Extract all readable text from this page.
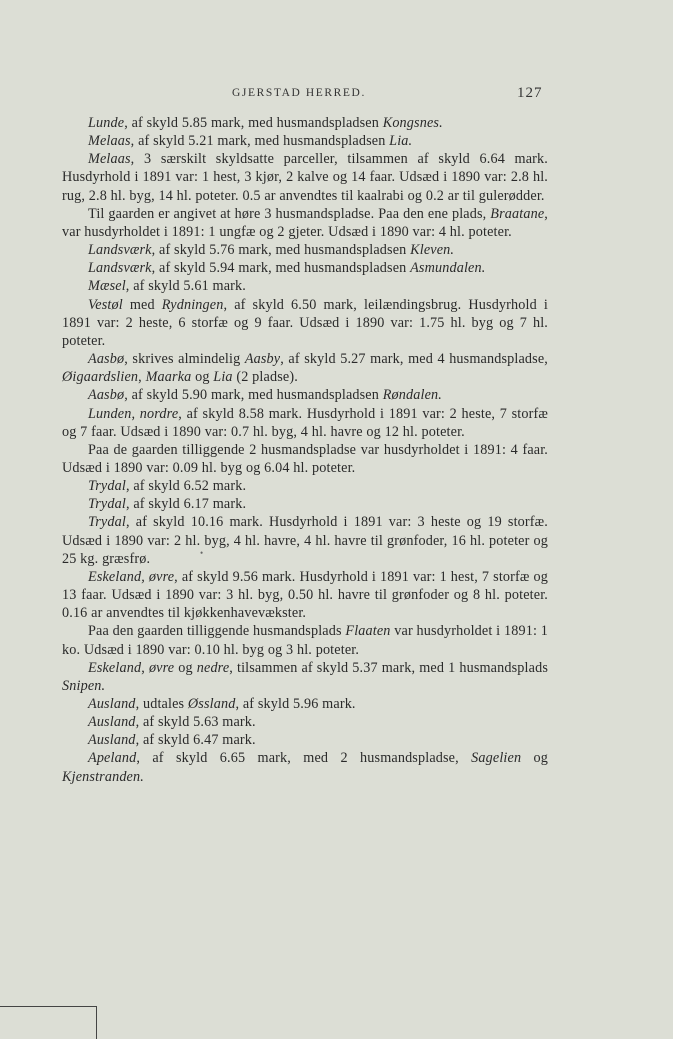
GJERSTAD HERRED.	127

Lunde, af skyld 5.85 mark, med husmandspladsen Kongsnes.

Melaas, af skyld 5.21 mark, med husmandspladsen Lia.

Melaas, 3 særskilt skyldsatte parceller, tilsammen af skyld 6.64 mark. Husdyrhold i 1891 var: 1 hest, 3 kjør, 2 kalve og 14 faar. Udsæd i 1890 var: 2.8 hl. rug, 2.8 hl. byg, 14 hl. poteter. 0.5 ar anvendtes til kaalrabi og 0.2 ar til gulerødder.

Til gaarden er angivet at høre 3 husmandspladse. Paa den ene plads, Braatane, var husdyrholdet i 1891: 1 ungfæ og 2 gjeter. Udsæd i 1890 var: 4 hl. poteter.

Landsværk, af skyld 5.76 mark, med husmandspladsen Kleven.

Landsværk, af skyld 5.94 mark, med husmandspladsen Asmundalen.

Mæsel, af skyld 5.61 mark.

Vestøl med Rydningen, af skyld 6.50 mark, leilændingsbrug. Husdyrhold i 1891 var: 2 heste, 6 storfæ og 9 faar. Udsæd i 1890 var: 1.75 hl. byg og 7 hl. poteter.

Aasbø, skrives almindelig Aasby, af skyld 5.27 mark, med 4 husmandspladse, Øigaardslien, Maarka og Lia (2 pladse).

Aasbø, af skyld 5.90 mark, med husmandspladsen Røndalen.

Lunden, nordre, af skyld 8.58 mark. Husdyrhold i 1891 var: 2 heste, 7 storfæ og 7 faar. Udsæd i 1890 var: 0.7 hl. byg, 4 hl. havre og 12 hl. poteter.

Paa de gaarden tilliggende 2 husmandspladse var husdyrholdet i 1891: 4 faar. Udsæd i 1890 var: 0.09 hl. byg og 6.04 hl. poteter.

Trydal, af skyld 6.52 mark.

Trydal, af skyld 6.17 mark.

Trydal, af skyld 10.16 mark. Husdyrhold i 1891 var: 3 heste og 19 storfæ. Udsæd i 1890 var: 2 hl. byg, 4 hl. havre, 4 hl. havre til grønfoder, 16 hl. poteter og 25 kg. græsfrø.

Eskeland, øvre, af skyld 9.56 mark. Husdyrhold i 1891 var: 1 hest, 7 storfæ og 13 faar. Udsæd i 1890 var: 3 hl. byg, 0.50 hl. havre til grønfoder og 8 hl. poteter. 0.16 ar anvendtes til kjøkkenhavevækster.

Paa den gaarden tilliggende husmandsplads Flaaten var husdyrholdet i 1891: 1 ko. Udsæd i 1890 var: 0.10 hl. byg og 3 hl. poteter.

Eskeland, øvre og nedre, tilsammen af skyld 5.37 mark, med 1 husmandsplads Snipen.

Ausland, udtales Øssland, af skyld 5.96 mark.

Ausland, af skyld 5.63 mark.

Ausland, af skyld 6.47 mark.

Apeland, af skyld 6.65 mark, med 2 husmandspladse, Sagelien og Kjenstranden.

•
